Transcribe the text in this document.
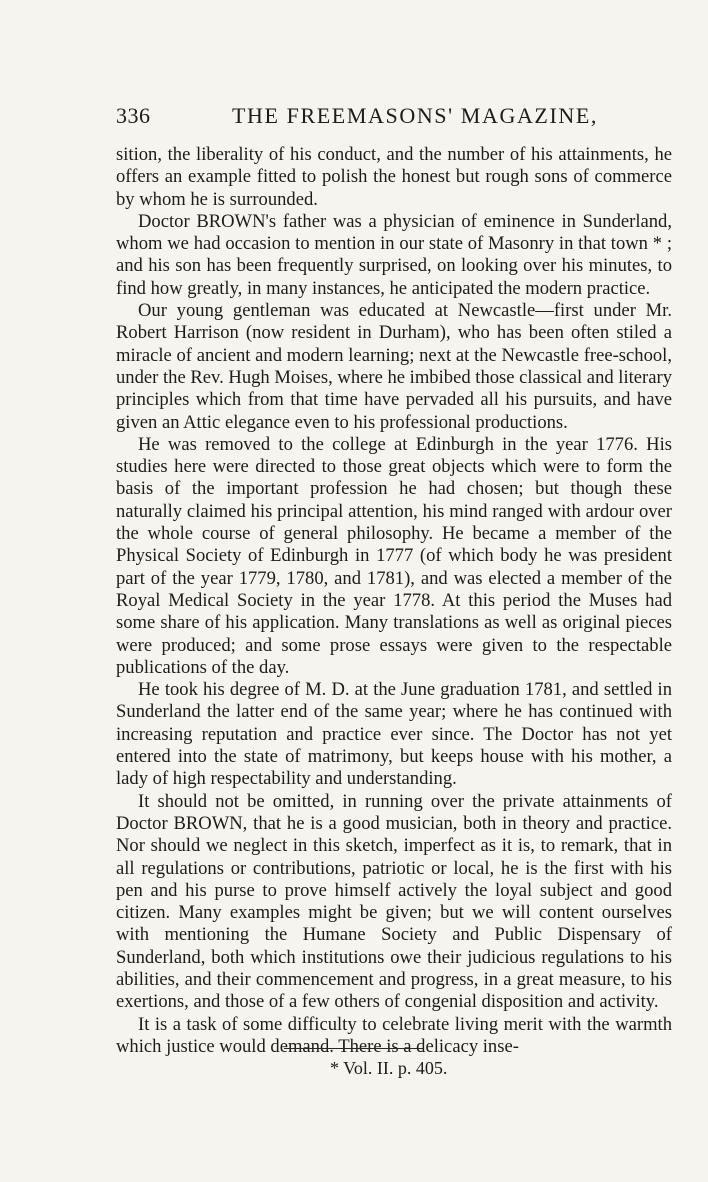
336	THE FREEMASONS' MAGAZINE,

sition, the liberality of his conduct, and the number of his attainments, he offers an example fitted to polish the honest but rough sons of commerce by whom he is surrounded.

Doctor BROWN's father was a physician of eminence in Sunderland, whom we had occasion to mention in our state of Masonry in that town * ; and his son has been frequently surprised, on looking over his minutes, to find how greatly, in many instances, he anticipated the modern practice.

Our young gentleman was educated at Newcastle—first under Mr. Robert Harrison (now resident in Durham), who has been often stiled a miracle of ancient and modern learning; next at the Newcastle free-school, under the Rev. Hugh Moises, where he imbibed those classical and literary principles which from that time have pervaded all his pursuits, and have given an Attic elegance even to his professional productions.

He was removed to the college at Edinburgh in the year 1776. His studies here were directed to those great objects which were to form the basis of the important profession he had chosen; but though these naturally claimed his principal attention, his mind ranged with ardour over the whole course of general philosophy. He became a member of the Physical Society of Edinburgh in 1777 (of which body he was president part of the year 1779, 1780, and 1781), and was elected a member of the Royal Medical Society in the year 1778. At this period the Muses had some share of his application. Many translations as well as original pieces were produced; and some prose essays were given to the respectable publications of the day.

He took his degree of M. D. at the June graduation 1781, and settled in Sunderland the latter end of the same year; where he has continued with increasing reputation and practice ever since. The Doctor has not yet entered into the state of matrimony, but keeps house with his mother, a lady of high respectability and understanding.

It should not be omitted, in running over the private attainments of Doctor BROWN, that he is a good musician, both in theory and practice. Nor should we neglect in this sketch, imperfect as it is, to remark, that in all regulations or contributions, patriotic or local, he is the first with his pen and his purse to prove himself actively the loyal subject and good citizen. Many examples might be given; but we will content ourselves with mentioning the Humane Society and Public Dispensary of Sunderland, both which institutions owe their judicious regulations to his abilities, and their commencement and progress, in a great measure, to his exertions, and those of a few others of congenial disposition and activity.

It is a task of some difficulty to celebrate living merit with the warmth which justice would demand. There is a delicacy inse-

* Vol. II. p. 405.
